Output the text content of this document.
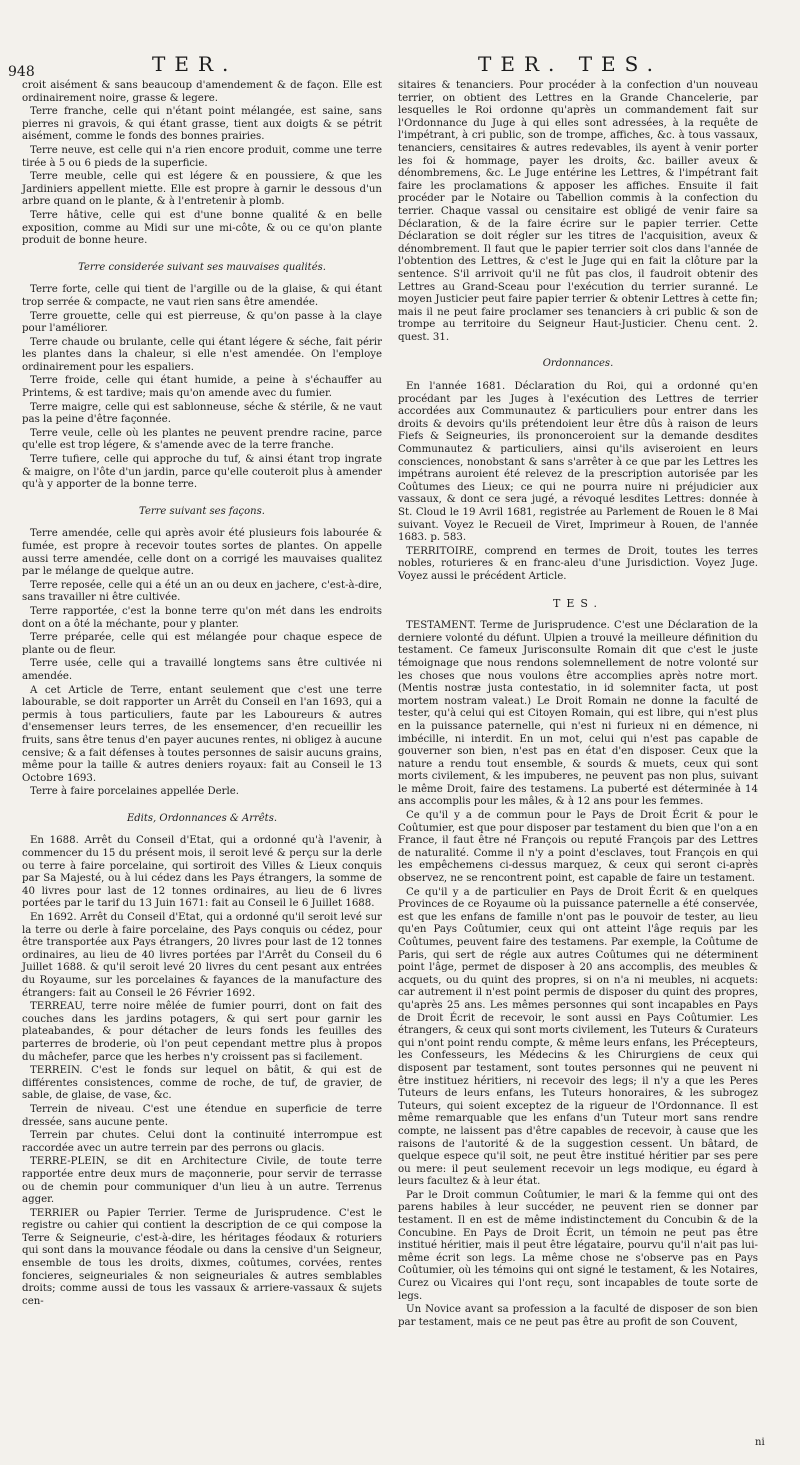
948	TER.	TER. TES.

croit aisément & sans beaucoup d'amendement & de façon. Elle est ordinairement noire, grasse & legere.

Terre franche, celle qui n'étant point mélangée, est saine, sans pierres ni gravois, & qui étant grasse, tient aux doigts & se pétrit aisément, comme le fonds des bonnes prairies.

Terre neuve, est celle qui n'a rien encore produit, comme une terre tirée à 5 ou 6 pieds de la superficie.

Terre meuble, celle qui est légere & en poussiere, & que les Jardiniers appellent miette. Elle est propre à garnir le dessous d'un arbre quand on le plante, & à l'entretenir à plomb.

Terre hâtive, celle qui est d'une bonne qualité & en belle exposition, comme au Midi sur une mi-côte, & ou ce qu'on plante produit de bonne heure.

Terre considerée suivant ses mauvaises qualités.

Terre forte, celle qui tient de l'argille ou de la glaise, & qui étant trop serrée & compacte, ne vaut rien sans être amendée.

Terre grouette, celle qui est pierreuse, & qu'on passe à la claye pour l'améliorer.

Terre chaude ou brulante, celle qui étant légere & séche, fait périr les plantes dans la chaleur, si elle n'est amendée. On l'employe ordinairement pour les espaliers.

Terre froide, celle qui étant humide, a peine à s'échauffer au Printems, & est tardive; mais qu'on amende avec du fumier.

Terre maigre, celle qui est sablonneuse, séche & stérile, & ne vaut pas la peine d'être façonnée.

Terre veule, celle où les plantes ne peuvent prendre racine, parce qu'elle est trop légere, & s'amende avec de la terre franche.

Terre tufiere, celle qui approche du tuf, & ainsi étant trop ingrate & maigre, on l'ôte d'un jardin, parce qu'elle couteroit plus à amender qu'à y apporter de la bonne terre.

Terre suivant ses façons.

Terre amendée, celle qui après avoir été plusieurs fois labourée & fumée, est propre à recevoir toutes sortes de plantes. On appelle aussi terre amendée, celle dont on a corrigé les mauvaises qualitez par le mélange de quelque autre.

Terre reposée, celle qui a été un an ou deux en jachere, c'est-à-dire, sans travailler ni être cultivée.

Terre rapportée, c'est la bonne terre qu'on mét dans les endroits dont on a ôté la méchante, pour y planter.

Terre préparée, celle qui est mélangée pour chaque espece de plante ou de fleur.

Terre usée, celle qui a travaillé longtems sans être cultivée ni amendée.

A cet Article de Terre, entant seulement que c'est une terre labourable, se doit rapporter un Arrêt du Conseil en l'an 1693, qui a permis à tous particuliers, faute par les Laboureurs & autres d'ensemenser leurs terres, de les ensemencer, d'en recueillir les fruits, sans être tenus d'en payer aucunes rentes, ni obligez à aucune censive; & a fait défenses à toutes personnes de saisir aucuns grains, même pour la taille & autres deniers royaux: fait au Conseil le 13 Octobre 1693.

Terre à faire porcelaines appellée Derle.

Edits, Ordonnances & Arrêts.

En 1688. Arrêt du Conseil d'Etat, qui a ordonné qu'à l'avenir, à commencer du 15 du présent mois, il seroit levé & perçu sur la derle ou terre à faire porcelaine, qui sortiroit des Villes & Lieux conquis par Sa Majesté, ou à lui cédez dans les Pays étrangers, la somme de 40 livres pour last de 12 tonnes ordinaires, au lieu de 6 livres portées par le tarif du 13 Juin 1671: fait au Conseil le 6 Juillet 1688.

En 1692. Arrêt du Conseil d'Etat, qui a ordonné qu'il seroit levé sur la terre ou derle à faire porcelaine, des Pays conquis ou cédez, pour être transportée aux Pays étrangers, 20 livres pour last de 12 tonnes ordinaires, au lieu de 40 livres portées par l'Arrêt du Conseil du 6 Juillet 1688. & qu'il seroit levé 20 livres du cent pesant aux entrées du Royaume, sur les porcelaines & fayances de la manufacture des étrangers: fait au Conseil le 26 Février 1692.

TERREAU, terre noire mêlée de fumier pourri, dont on fait des couches dans les jardins potagers, & qui sert pour garnir les plateabandes, & pour détacher de leurs fonds les feuilles des parterres de broderie, où l'on peut cependant mettre plus à propos du mâchefer, parce que les herbes n'y croissent pas si facilement.

TERREIN. C'est le fonds sur lequel on bâtit, & qui est de différentes consistences, comme de roche, de tuf, de gravier, de sable, de glaise, de vase, &c.

Terrein de niveau. C'est une étendue en superficie de terre dressée, sans aucune pente.

Terrein par chutes. Celui dont la continuité interrompue est raccordée avec un autre terrein par des perrons ou glacis.

TERRE-PLEIN, se dit en Architecture Civile, de toute terre rapportée entre deux murs de maçonnerie, pour servir de terrasse ou de chemin pour communiquer d'un lieu à un autre. Terrenus agger.

TERRIER ou Papier Terrier. Terme de Jurisprudence. C'est le registre ou cahier qui contient la description de ce qui compose la Terre & Seigneurie, c'est-à-dire, les héritages féodaux & roturiers qui sont dans la mouvance féodale ou dans la censive d'un Seigneur, ensemble de tous les droits, dixmes, coûtumes, corvées, rentes foncieres, seigneuriales & non seigneuriales & autres semblables droits; comme aussi de tous les vassaux & arriere-vassaux & sujets cen-

sitaires & tenanciers. Pour procéder à la confection d'un nouveau terrier, on obtient des Lettres en la Grande Chancelerie, par lesquelles le Roi ordonne qu'après un commandement fait sur l'Ordonnance du Juge à qui elles sont adressées, à la requête de l'impétrant, à cri public, son de trompe, affiches, &c. à tous vassaux, tenanciers, censitaires & autres redevables, ils ayent à venir porter les foi & hommage, payer les droits, &c. bailler aveux & dénombremens, &c. Le Juge entérine les Lettres, & l'impétrant fait faire les proclamations & apposer les affiches. Ensuite il fait procéder par le Notaire ou Tabellion commis à la confection du terrier. Chaque vassal ou censitaire est obligé de venir faire sa Déclaration, & de la faire écrire sur le papier terrier. Cette Déclaration se doit régler sur les titres de l'acquisition, aveux & dénombrement. Il faut que le papier terrier soit clos dans l'année de l'obtention des Lettres, & c'est le Juge qui en fait la clôture par la sentence. S'il arrivoit qu'il ne fût pas clos, il faudroit obtenir des Lettres au Grand-Sceau pour l'exécution du terrier suranné. Le moyen Justicier peut faire papier terrier & obtenir Lettres à cette fin; mais il ne peut faire proclamer ses tenanciers à cri public & son de trompe au territoire du Seigneur Haut-Justicier. Chenu cent. 2. quest. 31.

Ordonnances.

En l'année 1681. Déclaration du Roi, qui a ordonné qu'en procédant par les Juges à l'exécution des Lettres de terrier accordées aux Communautez & particuliers pour entrer dans les droits & devoirs qu'ils prétendoient leur être dûs à raison de leurs Fiefs & Seigneuries, ils prononceroient sur la demande desdites Communautez & particuliers, ainsi qu'ils aviseroient en leurs consciences, nonobstant & sans s'arrêter à ce que par les Lettres les impétrans auroient été relevez de la prescription autorisée par les Coûtumes des Lieux; ce qui ne pourra nuire ni préjudicier aux vassaux, & dont ce sera jugé, a révoqué lesdites Lettres: donnée à St. Cloud le 19 Avril 1681, registrée au Parlement de Rouen le 8 Mai suivant. Voyez le Recueil de Viret, Imprimeur à Rouen, de l'année 1683. p. 583.

TERRITOIRE, comprend en termes de Droit, toutes les terres nobles, roturieres & en franc-aleu d'une Jurisdiction. Voyez Juge. Voyez aussi le précédent Article.

TES.

TESTAMENT. Terme de Jurisprudence. C'est une Déclaration de la derniere volonté du défunt. Ulpien a trouvé la meilleure définition du testament. Ce fameux Jurisconsulte Romain dit que c'est le juste témoignage que nous rendons solemnellement de notre volonté sur les choses que nous voulons être accomplies après notre mort. (Mentis nostræ justa contestatio, in id solemniter facta, ut post mortem nostram valeat.) Le Droit Romain ne donne la faculté de tester, qu'à celui qui est Citoyen Romain, qui est libre, qui n'est plus en la puissance paternelle, qui n'est ni furieux ni en démence, ni imbécille, ni interdit. En un mot, celui qui n'est pas capable de gouverner son bien, n'est pas en état d'en disposer. Ceux que la nature a rendu tout ensemble, & sourds & muets, ceux qui sont morts civilement, & les impuberes, ne peuvent pas non plus, suivant le même Droit, faire des testamens. La puberté est déterminée à 14 ans accomplis pour les mâles, & à 12 ans pour les femmes.

Ce qu'il y a de commun pour le Pays de Droit Écrit & pour le Coûtumier, est que pour disposer par testament du bien que l'on a en France, il faut être né François ou reputé François par des Lettres de naturalité. Comme il n'y a point d'esclaves, tout François en qui les empêchemens ci-dessus marquez, & ceux qui seront ci-après observez, ne se rencontrent point, est capable de faire un testament.

Ce qu'il y a de particulier en Pays de Droit Écrit & en quelques Provinces de ce Royaume où la puissance paternelle a été conservée, est que les enfans de famille n'ont pas le pouvoir de tester, au lieu qu'en Pays Coûtumier, ceux qui ont atteint l'âge requis par les Coûtumes, peuvent faire des testamens. Par exemple, la Coûtume de Paris, qui sert de régle aux autres Coûtumes qui ne déterminent point l'âge, permet de disposer à 20 ans accomplis, des meubles & acquets, ou du quint des propres, si on n'a ni meubles, ni acquets: car autrement il n'est point permis de disposer du quint des propres, qu'après 25 ans. Les mêmes personnes qui sont incapables en Pays de Droit Écrit de recevoir, le sont aussi en Pays Coûtumier. Les étrangers, & ceux qui sont morts civilement, les Tuteurs & Curateurs qui n'ont point rendu compte, & même leurs enfans, les Précepteurs, les Confesseurs, les Médecins & les Chirurgiens de ceux qui disposent par testament, sont toutes personnes qui ne peuvent ni être instituez héritiers, ni recevoir des legs; il n'y a que les Peres Tuteurs de leurs enfans, les Tuteurs honoraires, & les subrogez Tuteurs, qui soient exceptez de la rigueur de l'Ordonnance. Il est même remarquable que les enfans d'un Tuteur mort sans rendre compte, ne laissent pas d'être capables de recevoir, à cause que les raisons de l'autorité & de la suggestion cessent. Un bâtard, de quelque espece qu'il soit, ne peut être institué héritier par ses pere ou mere: il peut seulement recevoir un legs modique, eu égard à leurs facultez & à leur état.

Par le Droit commun Coûtumier, le mari & la femme qui ont des parens habiles à leur succéder, ne peuvent rien se donner par testament. Il en est de même indistinctement du Concubin & de la Concubine. En Pays de Droit Écrit, un témoin ne peut pas être institué héritier, mais il peut être légataire, pourvu qu'il n'ait pas lui-même écrit son legs. La même chose ne s'observe pas en Pays Coûtumier, où les témoins qui ont signé le testament, & les Notaires, Curez ou Vicaires qui l'ont reçu, sont incapables de toute sorte de legs.

Un Novice avant sa profession a la faculté de disposer de son bien par testament, mais ce ne peut pas être au profit de son Couvent,

ni
